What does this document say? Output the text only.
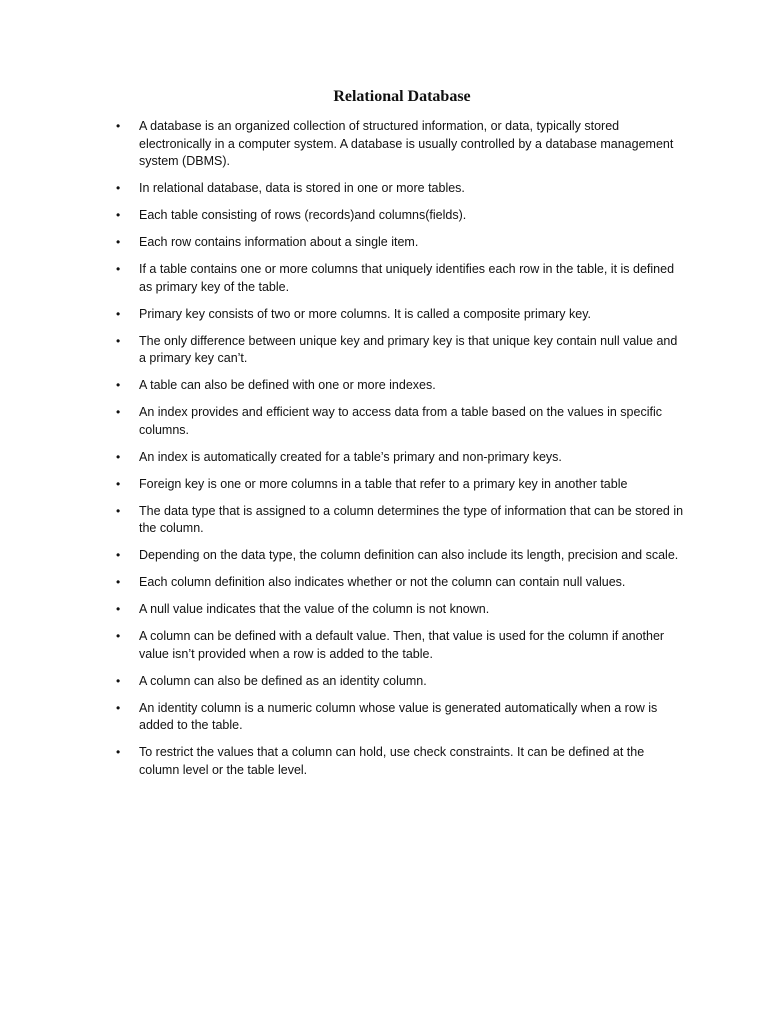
Relational Database
• A database is an organized collection of structured information, or data, typically stored electronically in a computer system. A database is usually controlled by a database management system (DBMS).
• In relational database, data is stored in one or more tables.
• Each table consisting of rows (records)and columns(fields).
• Each row contains information about a single item.
• If a table contains one or more columns that uniquely identifies each row in the table, it is defined as primary key of the table.
• Primary key consists of two or more columns. It is called a composite primary key.
• The only difference between unique key and primary key is that unique key contain null value and a primary key can’t.
• A table can also be defined with one or more indexes.
• An index provides and efficient way to access data from a table based on the values in specific columns.
• An index is automatically created for a table’s primary and non-primary keys.
• Foreign key is one or more columns in a table that refer to a primary key in another table
• The data type that is assigned to a column determines the type of information that can be stored in the column.
• Depending on the data type, the column definition can also include its length, precision and scale.
• Each column definition also indicates whether or not the column can contain null values.
• A null value indicates that the value of the column is not known.
• A column can be defined with a default value. Then, that value is used for the column if another value isn’t provided when a row is added to the table.
• A column can also be defined as an identity column.
• An identity column is a numeric column whose value is generated automatically when a row is added to the table.
• To restrict the values that a column can hold, use check constraints. It can be defined at the column level or the table level.
